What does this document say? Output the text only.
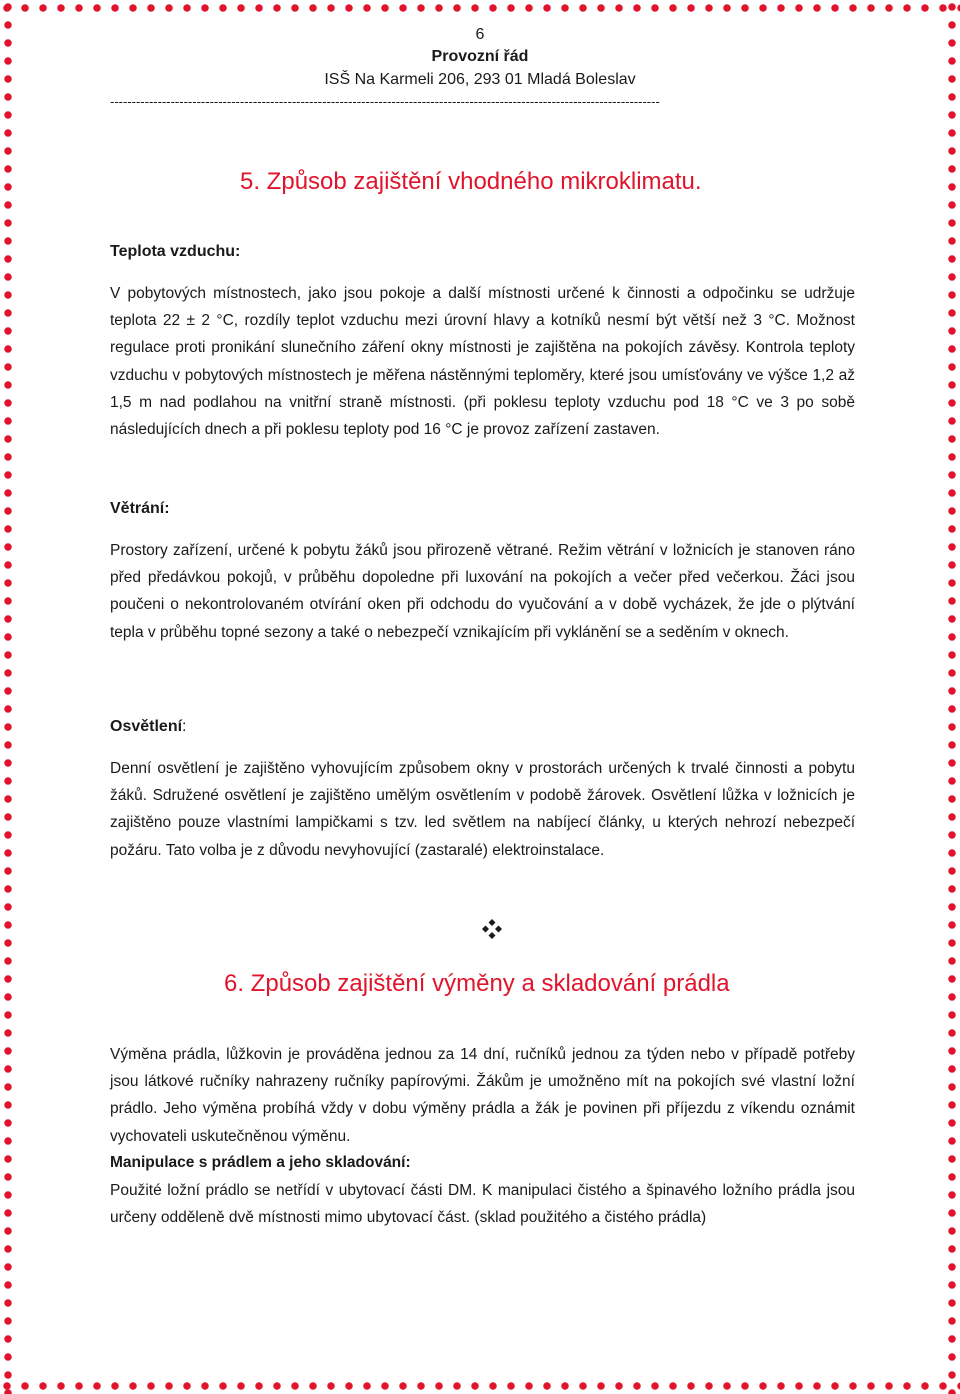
6
Provozní řád
ISŠ Na Karmeli 206, 293 01 Mladá Boleslav
-------------------------------------------------------------------------------------------------------------------------------
5. Způsob zajištění vhodného mikroklimatu.
Teplota vzduchu:

V pobytových místnostech, jako jsou pokoje a další místnosti určené k činnosti a odpočinku se udržuje teplota 22 ± 2 °C, rozdíly teplot vzduchu mezi úrovní hlavy a kotníků nesmí být větší než 3 °C. Možnost regulace proti pronikání slunečního záření okny místnosti je zajištěna na pokojích závěsy. Kontrola teploty vzduchu v pobytových místnostech je měřena nástěnnými teploměry, které jsou umísťovány ve výšce 1,2 až 1,5 m nad podlahou na vnitřní straně místnosti. (při poklesu teploty vzduchu pod 18 °C ve 3 po sobě následujících dnech a při poklesu teploty pod 16 °C je provoz zařízení zastaven.

Větrání:

Prostory zařízení, určené k pobytu žáků jsou přirozeně větrané. Režim větrání v ložnicích je stanoven ráno před předávkou pokojů, v průběhu dopoledne při luxování na pokojích a večer před večerkou. Žáci jsou poučeni o nekontrolovaném otvírání oken při odchodu do vyučování a v době vycházek, že jde o plýtvání tepla v průběhu topné sezony a také o nebezpečí vznikajícím při vyklánění se a seděním v oknech.

Osvětlení:

Denní osvětlení je zajištěno vyhovujícím způsobem okny v prostorách určených k trvalé činnosti a pobytu žáků. Sdružené osvětlení je zajištěno umělým osvětlením v podobě žárovek. Osvětlení lůžka v ložnicích je zajištěno pouze vlastními lampičkami s tzv. led světlem na nabíjecí články, u kterých nehrozí nebezpečí požáru. Tato volba je z důvodu nevyhovující (zastaralé) elektroinstalace.

6. Způsob zajištění výměny a skladování prádla

Výměna prádla, lůžkovin je prováděna jednou za 14 dní, ručníků jednou za týden nebo v případě potřeby jsou látkové ručníky nahrazeny ručníky papírovými. Žákům je umožněno mít na pokojích své vlastní ložní prádlo. Jeho výměna probíhá vždy v dobu výměny prádla a žák je povinen při příjezdu z víkendu oznámit vychovateli uskutečněnou výměnu.

Manipulace s prádlem a jeho skladování:

Použité ložní prádlo se netřídí v ubytovací části DM. K manipulaci čistého a špinavého ložního prádla jsou určeny odděleně dvě místnosti mimo ubytovací část. (sklad použitého a čistého prádla)
